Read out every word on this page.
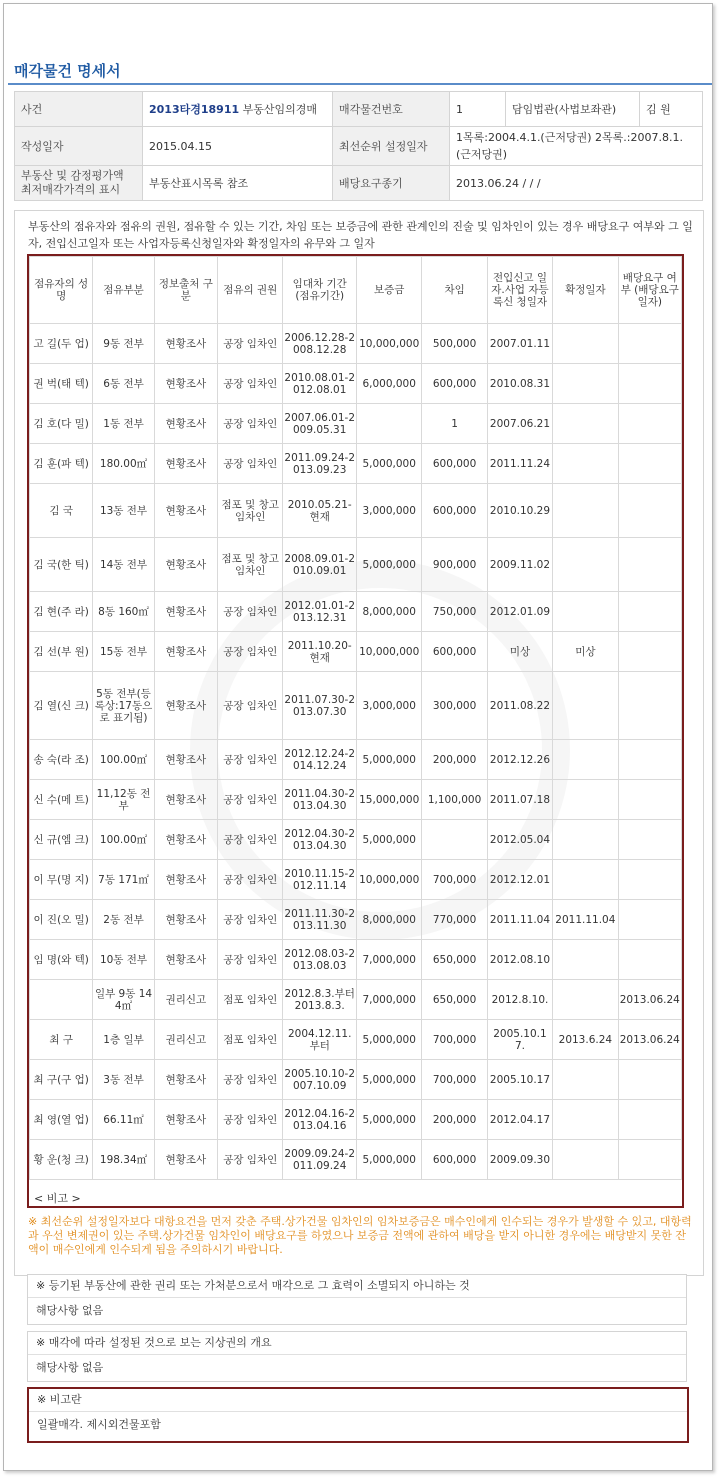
매각물건 명세서
사건	2013타경18911 부동산임의경매	매각물건번호	1	담임법관(사법보좌관)	김 원
작성일자	2015.04.15	최선순위 설정일자	1목록:2004.4.1.(근저당권) 2목록.:2007.8.1.(근저당권)		
부동산 및 감정평가액 최저매각가격의 표시	부동산표시목록 참조	배당요구종기	2013.06.24 / / /		
부동산의 점유자와 점유의 권원, 점유할 수 있는 기간, 차임 또는 보증금에 관한 관계인의 진술 및 임차인이 있는 경우 배당요구 여부와 그 일자, 전입신고일자 또는 사업자등록신청일자와 확정일자의 유무와 그 일자
점유자의 성명	점유부분	정보출처 구분	점유의 권원	임대차 기간 (점유기간)	보증금	차임	전입신고 일자.사업 자등록신 청일자	확정일자	배당요구 여부 (배당요구 일자)
고 길(두 업)	9동 전부	현황조사	공장 임차인	2006.12.28-2008.12.28	10,000,000	500,000	2007.01.11		
권 벅(태 텍)	6동 전부	현황조사	공장 임차인	2010.08.01-2012.08.01	6,000,000	600,000	2010.08.31		
김 호(다 밀)	1동 전부	현황조사	공장 임차인	2007.06.01-2009.05.31		1	2007.06.21		
김 훈(파 텍)	180.00㎡	현황조사	공장 임차인	2011.09.24-2013.09.23	5,000,000	600,000	2011.11.24		
김 국	13동 전부	현황조사	점포 및 창고 임차인	2010.05.21-현재	3,000,000	600,000	2010.10.29		
김 국(한 틱)	14동 전부	현황조사	점포 및 창고 임차인	2008.09.01-2010.09.01	5,000,000	900,000	2009.11.02		
김 현(주 라)	8동 160㎡	현황조사	공장 임차인	2012.01.01-2013.12.31	8,000,000	750,000	2012.01.09		
김 선(부 원)	15동 전부	현황조사	공장 임차인	2011.10.20-현재	10,000,000	600,000	미상	미상	
김 열(신 크)	5동 전부(등록상:17동으로 표기됨)	현황조사	공장 임차인	2011.07.30-2013.07.30	3,000,000	300,000	2011.08.22		
송 숙(라 조)	100.00㎡	현황조사	공장 임차인	2012.12.24-2014.12.24	5,000,000	200,000	2012.12.26		
신 수(메 트)	11,12동 전부	현황조사	공장 임차인	2011.04.30-2013.04.30	15,000,000	1,100,000	2011.07.18		
신 규(엠 크)	100.00㎡	현황조사	공장 임차인	2012.04.30-2013.04.30	5,000,000		2012.05.04		
이 무(명 지)	7동 171㎡	현황조사	공장 임차인	2010.11.15-2012.11.14	10,000,000	700,000	2012.12.01		
이 진(오 밀)	2동 전부	현황조사	공장 임차인	2011.11.30-2013.11.30	8,000,000	770,000	2011.11.04	2011.11.04	
임 명(와 텍)	10동 전부	현황조사	공장 임차인	2012.08.03-2013.08.03	7,000,000	650,000	2012.08.10		
	일부 9동 144㎡	권리신고	점포 임차인	2012.8.3.부터 2013.8.3.	7,000,000	650,000	2012.8.10.		2013.06.24
최 구	1층 일부	권리신고	점포 임차인	2004.12.11.부터	5,000,000	700,000	2005.10.17.	2013.6.24	2013.06.24
최 구(구 업)	3동 전부	현황조사	공장 임차인	2005.10.10-2007.10.09	5,000,000	700,000	2005.10.17		
최 영(열 업)	66.11㎡	현황조사	공장 임차인	2012.04.16-2013.04.16	5,000,000	200,000	2012.04.17		
황 운(청 크)	198.34㎡	현황조사	공장 임차인	2009.09.24-2011.09.24	5,000,000	600,000	2009.09.30		
< 비고 >
※ 최선순위 설정일자보다 대항요건을 먼저 갖춘 주택.상가건물 임차인의 임차보증금은 매수인에게 인수되는 경우가 발생할 수 있고, 대항력과 우선 변제권이 있는 주택.상가건물 임차인이 배당요구를 하였으나 보증금 전액에 관하여 배당을 받지 아니한 경우에는 배당받지 못한 잔액이 매수인에게 인수되게 됨을 주의하시기 바랍니다.
※ 등기된 부동산에 관한 권리 또는 가처분으로서 매각으로 그 효력이 소멸되지 아니하는 것
해당사항 없음
※ 매각에 따라 설정된 것으로 보는 지상권의 개요
해당사항 없음
※ 비고란
일괄매각. 제시외건물포함
